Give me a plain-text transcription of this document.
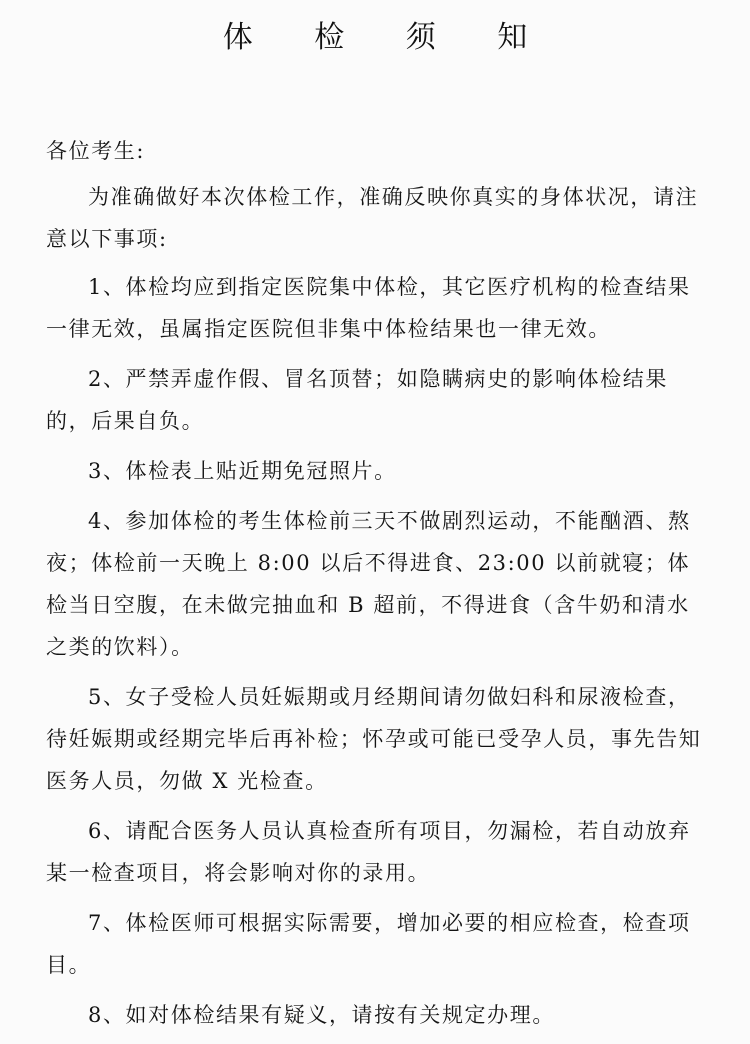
体 检 须 知

各位考生:

为准确做好本次体检工作，准确反映你真实的身体状况，请注意以下事项:

1、体检均应到指定医院集中体检，其它医疗机构的检查结果一律无效，虽属指定医院但非集中体检结果也一律无效。

2、严禁弄虚作假、冒名顶替；如隐瞒病史的影响体检结果的，后果自负。

3、体检表上贴近期免冠照片。

4、参加体检的考生体检前三天不做剧烈运动，不能酗酒、熬夜；体检前一天晚上 8:00 以后不得进食、23:00 以前就寝；体检当日空腹，在未做完抽血和 B 超前，不得进食（含牛奶和清水之类的饮料）。

5、女子受检人员妊娠期或月经期间请勿做妇科和尿液检查，待妊娠期或经期完毕后再补检；怀孕或可能已受孕人员，事先告知医务人员，勿做 X 光检查。

6、请配合医务人员认真检查所有项目，勿漏检，若自动放弃某一检查项目，将会影响对你的录用。

7、体检医师可根据实际需要，增加必要的相应检查，检查项目。

8、如对体检结果有疑义，请按有关规定办理。
